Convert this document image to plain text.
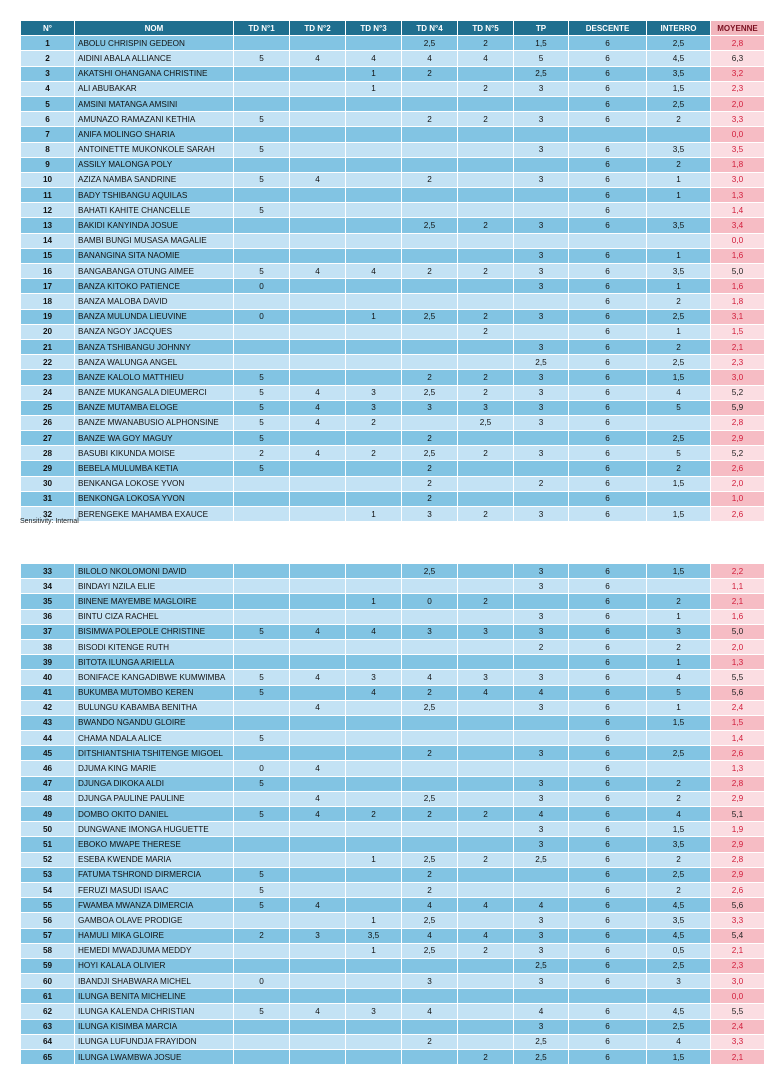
N°	NOM	TD N°1	TD N°2	TD N°3	TD N°4	TD N°5	TP	DESCENTE	INTERRO	MOYENNE
1	ABOLU CHRISPIN GEDEON				2,5	2	1,5	6	2,5	2,8
2	AIDINI ABALA ALLIANCE	5	4	4	4	4	5	6	4,5	6,3
3	AKATSHI OHANGANA CHRISTINE			1	2		2,5	6	3,5	3,2
4	ALI ABUBAKAR			1		2	3	6	1,5	2,3
5	AMSINI MATANGA AMSINI							6	2,5	2,0
6	AMUNAZO RAMAZANI KETHIA	5			2	2	3	6	2	3,3
7	ANIFA MOLINGO SHARIA									0,0
8	ANTOINETTE MUKONKOLE SARAH	5					3	6	3,5	3,5
9	ASSILY MALONGA POLY							6	2	1,8
10	AZIZA NAMBA SANDRINE	5	4		2		3	6	1	3,0
11	BADY TSHIBANGU AQUILAS							6	1	1,3
12	BAHATI KAHITE CHANCELLE	5						6		1,4
13	BAKIDI KANYINDA JOSUE				2,5	2	3	6	3,5	3,4
14	BAMBI BUNGI MUSASA MAGALIE									0,0
15	BANANGINA SITA NAOMIE						3	6	1	1,6
16	BANGABANGA OTUNG AIMEE	5	4	4	2	2	3	6	3,5	5,0
17	BANZA KITOKO PATIENCE	0					3	6	1	1,6
18	BANZA MALOBA DAVID							6	2	1,8
19	BANZA MULUNDA LIEUVINE	0		1	2,5	2	3	6	2,5	3,1
20	BANZA NGOY JACQUES					2		6	1	1,5
21	BANZA TSHIBANGU JOHNNY						3	6	2	2,1
22	BANZA WALUNGA ANGEL						2,5	6	2,5	2,3
23	BANZE KALOLO MATTHIEU	5			2	2	3	6	1,5	3,0
24	BANZE MUKANGALA DIEUMERCI	5	4	3	2,5	2	3	6	4	5,2
25	BANZE MUTAMBA ELOGE	5	4	3	3	3	3	6	5	5,9
26	BANZE MWANABUSIO ALPHONSINE	5	4	2		2,5	3	6		2,8
27	BANZE WA GOY MAGUY	5			2			6	2,5	2,9
28	BASUBI KIKUNDA MOISE	2	4	2	2,5	2	3	6	5	5,2
29	BEBELA MULUMBA KETIA	5			2			6	2	2,6
30	BENKANGA LOKOSE YVON				2		2	6	1,5	2,0
31	BENKONGA LOKOSA YVON				2			6		1,0
32	BERENGEKE MAHAMBA EXAUCE			1	3	2	3	6	1,5	2,6
Sensitivity: Internal
33	BILOLO NKOLOMONI DAVID				2,5		3	6	1,5	2,2
34	BINDAYI NZILA ELIE						3	6		1,1
35	BINENE MAYEMBE MAGLOIRE			1	0	2		6	2	2,1
36	BINTU CIZA RACHEL						3	6	1	1,6
37	BISIMWA POLEPOLE CHRISTINE	5	4	4	3	3	3	6	3	5,0
38	BISODI KITENGE RUTH						2	6	2	2,0
39	BITOTA ILUNGA ARIELLA							6	1	1,3
40	BONIFACE KANGADIBWE KUMWIMBA	5	4	3	4	3	3	6	4	5,5
41	BUKUMBA MUTOMBO KEREN	5		4	2	4	4	6	5	5,6
42	BULUNGU KABAMBA BENITHA		4		2,5		3	6	1	2,4
43	BWANDO NGANDU GLOIRE							6	1,5	1,5
44	CHAMA NDALA ALICE	5						6		1,4
45	DITSHIANTSHIA TSHITENGE MIGOEL				2		3	6	2,5	2,6
46	DJUMA KING MARIE	0	4					6		1,3
47	DJUNGA DIKOKA ALDI	5					3	6	2	2,8
48	DJUNGA PAULINE PAULINE		4		2,5		3	6	2	2,9
49	DOMBO OKITO DANIEL	5	4	2	2	2	4	6	4	5,1
50	DUNGWANE IMONGA HUGUETTE						3	6	1,5	1,9
51	EBOKO MWAPE THERESE						3	6	3,5	2,9
52	ESEBA KWENDE MARIA			1	2,5	2	2,5	6	2	2,8
53	FATUMA TSHROND DIRMERCIA	5			2			6	2,5	2,9
54	FERUZI MASUDI ISAAC	5			2			6	2	2,6
55	FWAMBA MWANZA DIMERCIA	5	4		4	4	4	6	4,5	5,6
56	GAMBOA OLAVE PRODIGE			1	2,5		3	6	3,5	3,3
57	HAMULI MIKA GLOIRE	2	3	3,5	4	4	3	6	4,5	5,4
58	HEMEDI MWADJUMA MEDDY			1	2,5	2	3	6	0,5	2,1
59	HOYI KALALA OLIVIER						2,5	6	2,5	2,3
60	IBANDJI SHABWARA MICHEL	0			3		3	6	3	3,0
61	ILUNGA BENITA MICHELINE									0,0
62	ILUNGA KALENDA CHRISTIAN	5	4	3	4		4	6	4,5	5,5
63	ILUNGA KISIMBA MARCIA						3	6	2,5	2,4
64	ILUNGA LUFUNDJA FRAYIDON				2		2,5	6	4	3,3
65	ILUNGA LWAMBWA JOSUE					2	2,5	6	1,5	2,1
